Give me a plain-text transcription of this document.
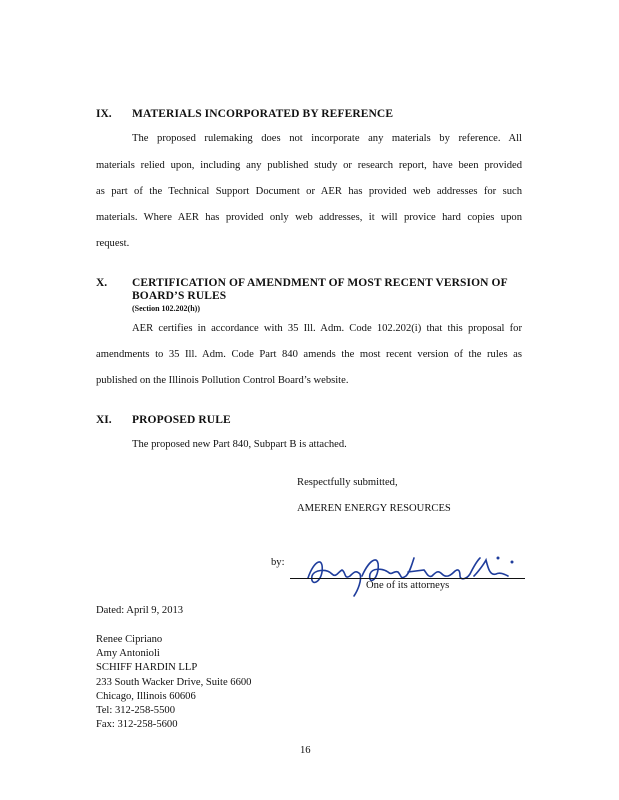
IX. MATERIALS INCORPORATED BY REFERENCE
The proposed rulemaking does not incorporate any materials by reference. All
materials relied upon, including any published study or research report, have been provided
as part of the Technical Support Document or AER has provided web addresses for such
materials. Where AER has provided only web addresses, it will provice hard copies upon
request.
X. CERTIFICATION OF AMENDMENT OF MOST RECENT VERSION OF
BOARD’S RULES
(Section 102.202(h))
AER certifies in accordance with 35 Ill. Adm. Code 102.202(i) that this proposal for
amendments to 35 Ill. Adm. Code Part 840 amends the most recent version of the rules as
published on the Illinois Pollution Control Board’s website.
XI. PROPOSED RULE
The proposed new Part 840, Subpart B is attached.
Respectfully submitted,
AMEREN ENERGY RESOURCES
by:
One of its attorneys
Dated: April 9, 2013
Renee Cipriano
Amy Antonioli
SCHIFF HARDIN LLP
233 South Wacker Drive, Suite 6600
Chicago, Illinois 60606
Tel: 312-258-5500
Fax: 312-258-5600
16
